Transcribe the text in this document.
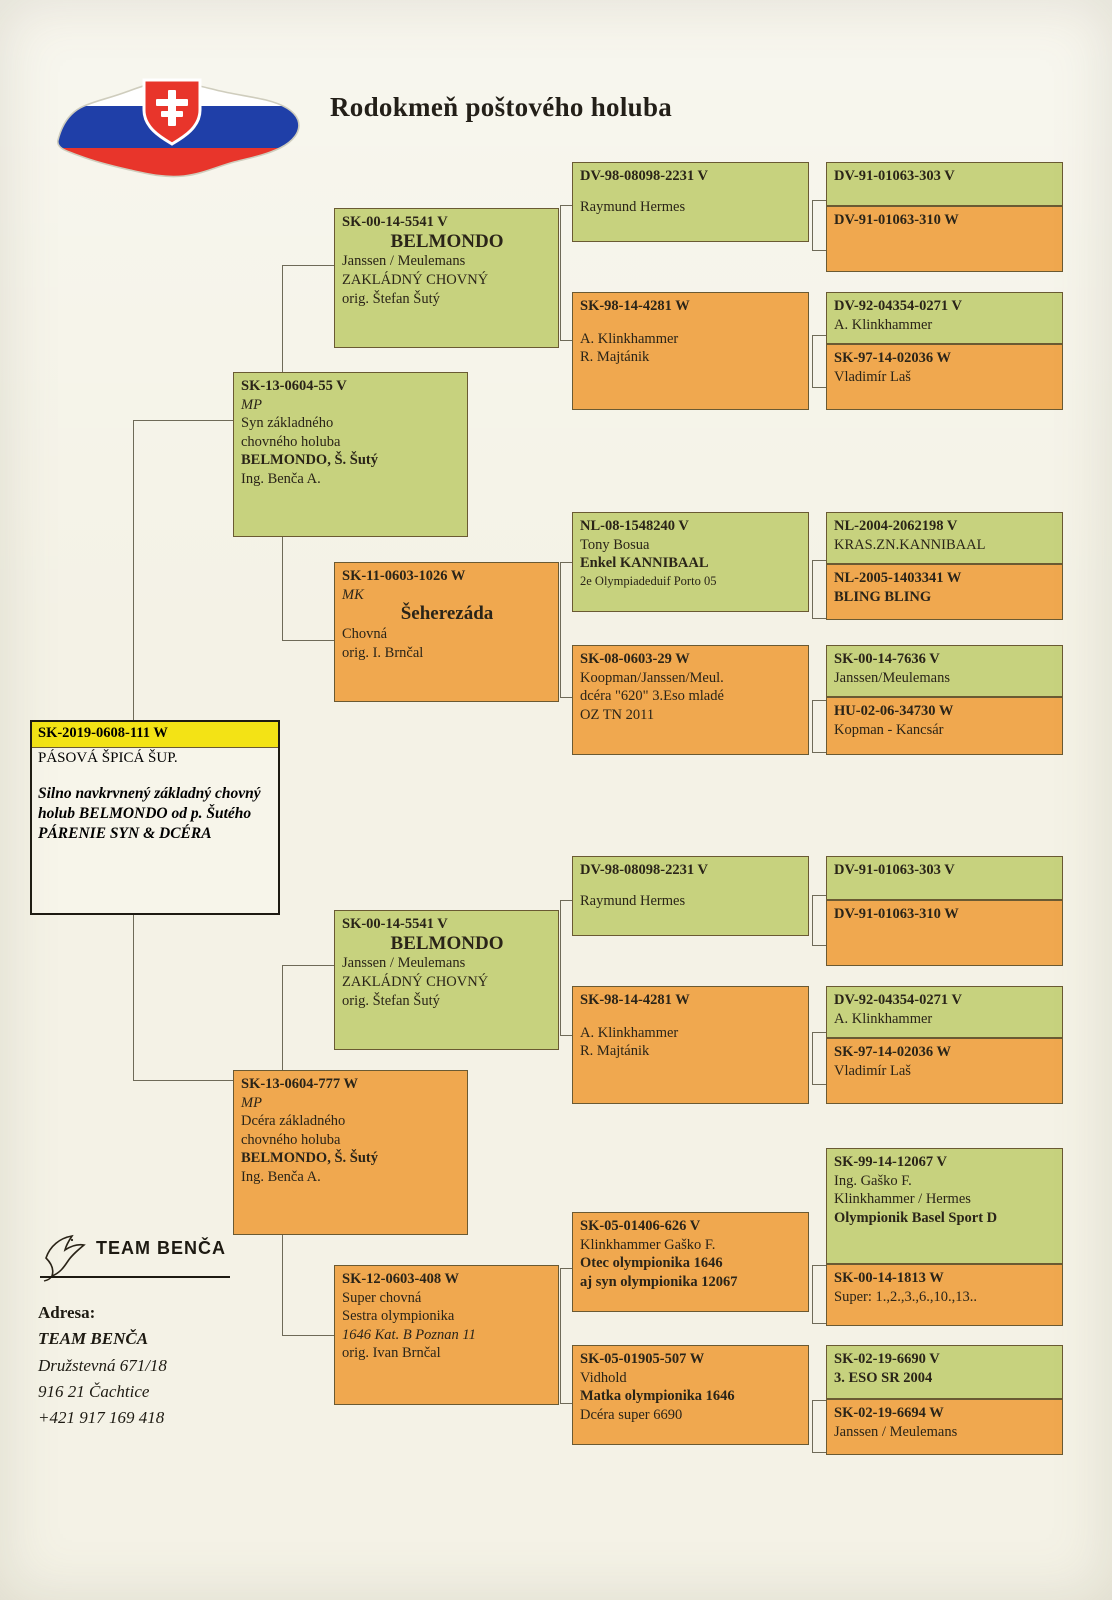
Rodokmeň poštového holuba
SK-2019-0608-111 W
PÁSOVÁ ŠPICÁ ŠUP.
Silno navkrvnený základný chovný holub BELMONDO od p. Šutého PÁRENIE SYN & DCÉRA
SK-13-0604-55 V
MP
Syn základného
chovného holuba
BELMONDO, Š. Šutý
Ing. Benča A.
SK-13-0604-777 W
MP
Dcéra základného
chovného holuba
BELMONDO, Š. Šutý
Ing. Benča A.
SK-00-14-5541 V
BELMONDO
Janssen / Meulemans
ZAKLÁDNÝ CHOVNÝ
orig. Štefan Šutý
SK-11-0603-1026 W
MK
Šeherezáda
Chovná
orig. I. Brnčal
SK-00-14-5541 V
BELMONDO
Janssen / Meulemans
ZAKLÁDNÝ CHOVNÝ
orig. Štefan Šutý
SK-12-0603-408 W
Super chovná
Sestra olympionika
1646 Kat. B Poznan 11
orig. Ivan Brnčal
DV-98-08098-2231 V
Raymund Hermes
SK-98-14-4281 W
A. Klinkhammer
R. Majtánik
NL-08-1548240 V
Tony Bosua
Enkel KANNIBAAL
2e Olympiadeduif Porto 05
SK-08-0603-29 W
Koopman/Janssen/Meul.
dcéra "620" 3.Eso mladé
OZ TN 2011
DV-98-08098-2231 V
Raymund Hermes
SK-98-14-4281 W
A. Klinkhammer
R. Majtánik
SK-05-01406-626 V
Klinkhammer Gaško F.
Otec olympionika 1646
aj syn olympionika 12067
SK-05-01905-507 W
Vidhold
Matka olympionika 1646
Dcéra super 6690
DV-91-01063-303 V
DV-91-01063-310 W
DV-92-04354-0271 V
A. Klinkhammer
SK-97-14-02036 W
Vladimír Laš
NL-2004-2062198 V
KRAS.ZN.KANNIBAAL
NL-2005-1403341 W
BLING BLING
SK-00-14-7636 V
Janssen/Meulemans
HU-02-06-34730 W
Kopman - Kancsár
DV-91-01063-303 V
DV-91-01063-310 W
DV-92-04354-0271 V
A. Klinkhammer
SK-97-14-02036 W
Vladimír Laš
SK-99-14-12067 V
Ing. Gaško F.
Klinkhammer / Hermes
Olympionik Basel Sport D
SK-00-14-1813 W
Super: 1.,2.,3.,6.,10.,13..
SK-02-19-6690 V
3. ESO SR 2004
SK-02-19-6694 W
Janssen / Meulemans
TEAM BENČA
Adresa:
TEAM BENČA
Družstevná 671/18
916 21 Čachtice
+421 917 169 418
